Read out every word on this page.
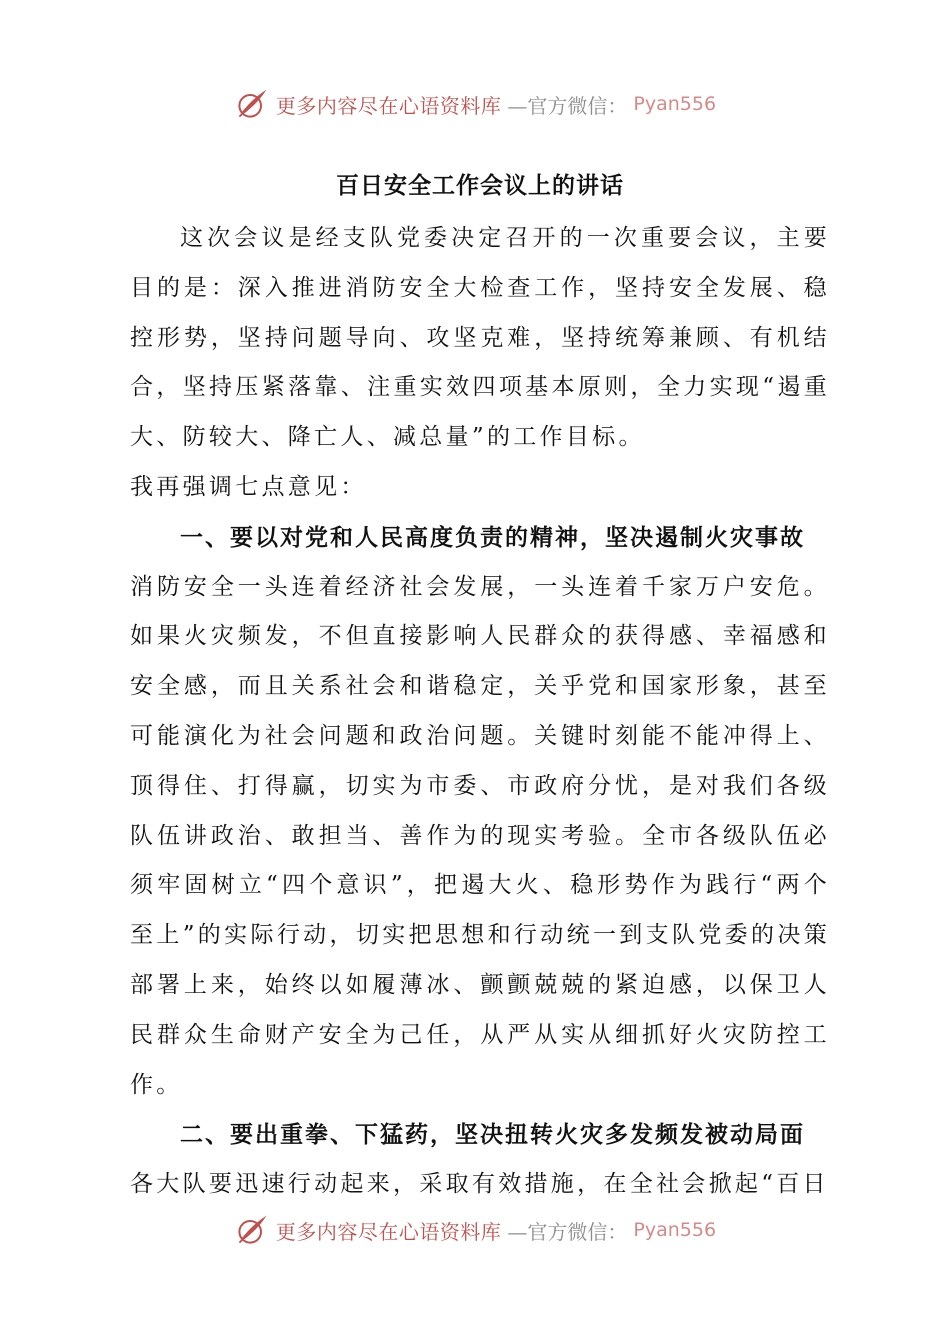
更多内容尽在心语资料库 —官方微信： Pyan556
百日安全工作会议上的讲话

这次会议是经支队党委决定召开的一次重要会议，主要目的是：深入推进消防安全大检查工作，坚持安全发展、稳控形势，坚持问题导向、攻坚克难，坚持统筹兼顾、有机结合，坚持压紧落靠、注重实效四项基本原则，全力实现“遏重大、防较大、降亡人、减总量”的工作目标。

我再强调七点意见：

一、要以对党和人民高度负责的精神，坚决遏制火灾事故

消防安全一头连着经济社会发展，一头连着千家万户安危。如果火灾频发，不但直接影响人民群众的获得感、幸福感和安全感，而且关系社会和谐稳定，关乎党和国家形象，甚至可能演化为社会问题和政治问题。关键时刻能不能冲得上、顶得住、打得赢，切实为市委、市政府分忧，是对我们各级队伍讲政治、敢担当、善作为的现实考验。全市各级队伍必须牢固树立“四个意识”，把遏大火、稳形势作为践行“两个至上”的实际行动，切实把思想和行动统一到支队党委的决策部署上来，始终以如履薄冰、颤颤兢兢的紧迫感，以保卫人民群众生命财产安全为己任，从严从实从细抓好火灾防控工作。

二、要出重拳、下猛药，坚决扭转火灾多发频发被动局面

各大队要迅速行动起来，采取有效措施，在全社会掀起“百日

更多内容尽在心语资料库 —官方微信： Pyan556
